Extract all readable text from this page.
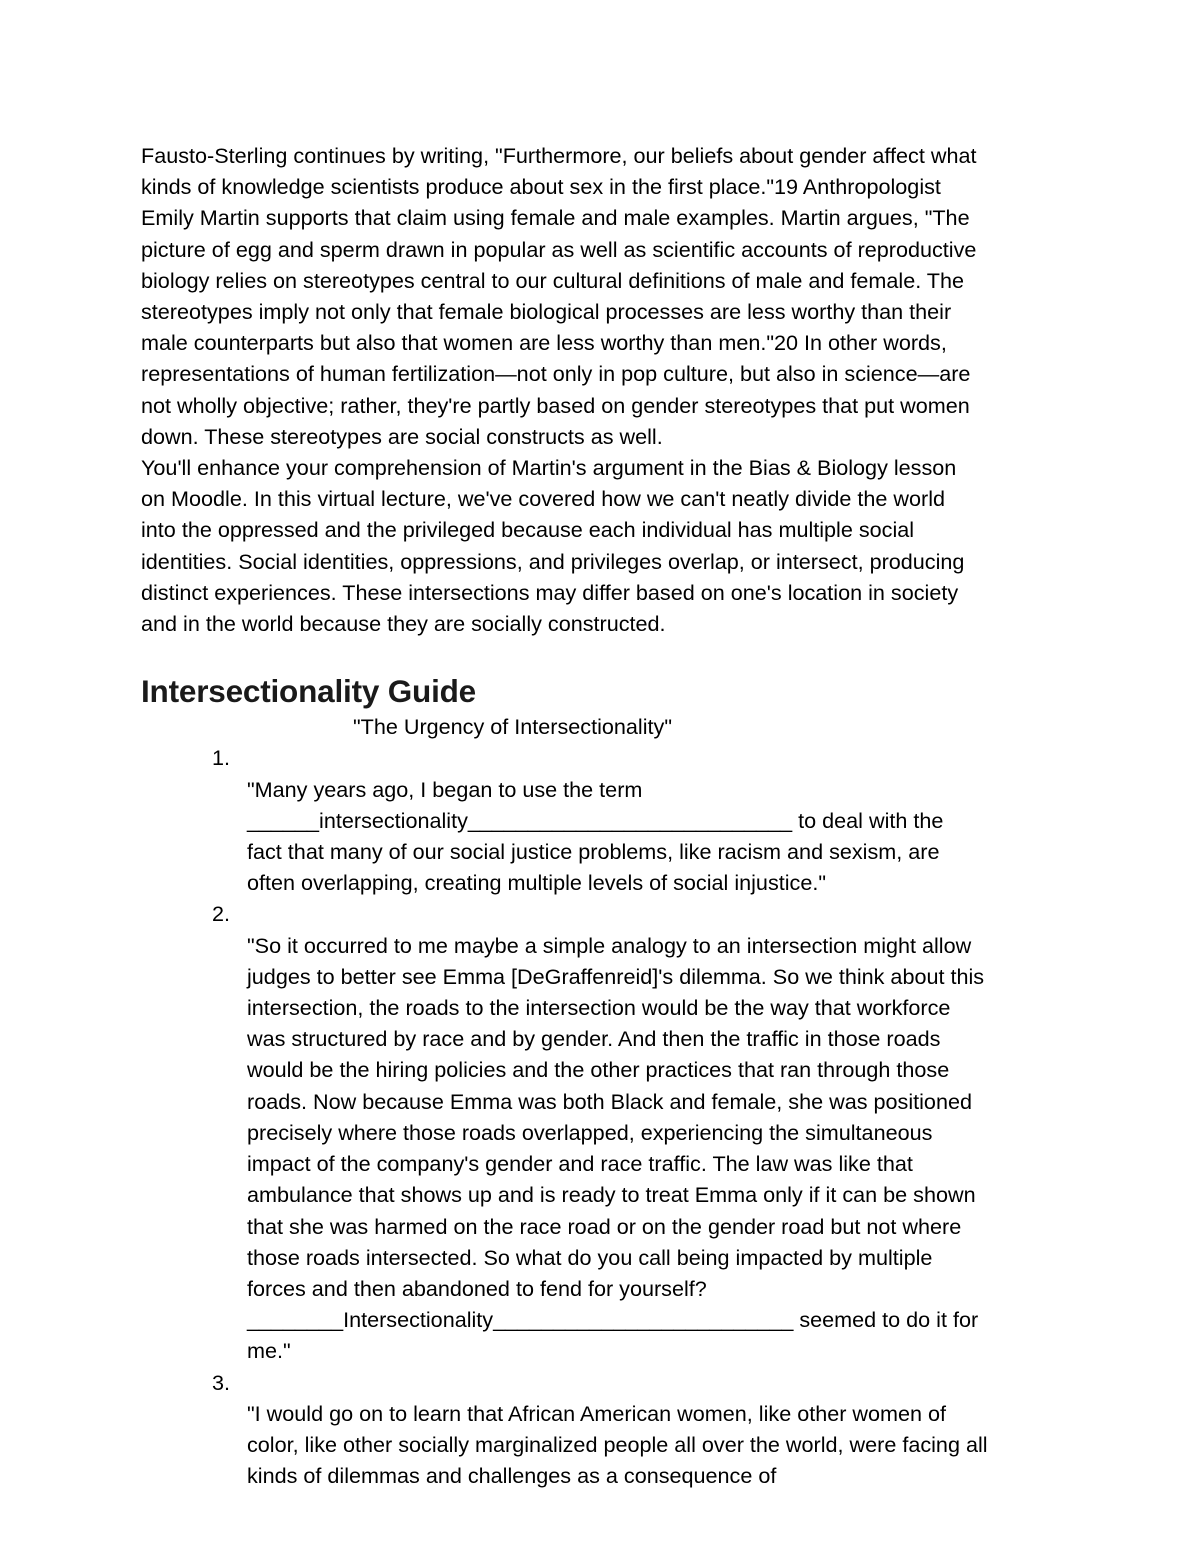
Fausto-Sterling continues by writing, "Furthermore, our beliefs about gender affect what
kinds of knowledge scientists produce about sex in the first place."19 Anthropologist
Emily Martin supports that claim using female and male examples. Martin argues, "The
picture of egg and sperm drawn in popular as well as scientific accounts of reproductive
biology relies on stereotypes central to our cultural definitions of male and female. The
stereotypes imply not only that female biological processes are less worthy than their
male counterparts but also that women are less worthy than men."20 In other words,
representations of human fertilization—not only in pop culture, but also in science—are
not wholly objective; rather, they're partly based on gender stereotypes that put women
down. These stereotypes are social constructs as well.

You'll enhance your comprehension of Martin's argument in the Bias & Biology lesson
on Moodle. In this virtual lecture, we've covered how we can't neatly divide the world
into the oppressed and the privileged because each individual has multiple social
identities. Social identities, oppressions, and privileges overlap, or intersect, producing
distinct experiences. These intersections may differ based on one's location in society
and in the world because they are socially constructed.

Intersectionality Guide

"The Urgency of Intersectionality"

1.
"Many years ago, I began to use the term
______intersectionality___________________________ to deal with the
fact that many of our social justice problems, like racism and sexism, are
often overlapping, creating multiple levels of social injustice."

2.
"So it occurred to me maybe a simple analogy to an intersection might allow
judges to better see Emma [DeGraffenreid]'s dilemma. So we think about this
intersection, the roads to the intersection would be the way that workforce
was structured by race and by gender. And then the traffic in those roads
would be the hiring policies and the other practices that ran through those
roads. Now because Emma was both Black and female, she was positioned
precisely where those roads overlapped, experiencing the simultaneous
impact of the company's gender and race traffic. The law was like that
ambulance that shows up and is ready to treat Emma only if it can be shown
that she was harmed on the race road or on the gender road but not where
those roads intersected. So what do you call being impacted by multiple
forces and then abandoned to fend for yourself?
________Intersectionality_________________________ seemed to do it for
me."

3.
"I would go on to learn that African American women, like other women of
color, like other socially marginalized people all over the world, were facing all
kinds of dilemmas and challenges as a consequence of
